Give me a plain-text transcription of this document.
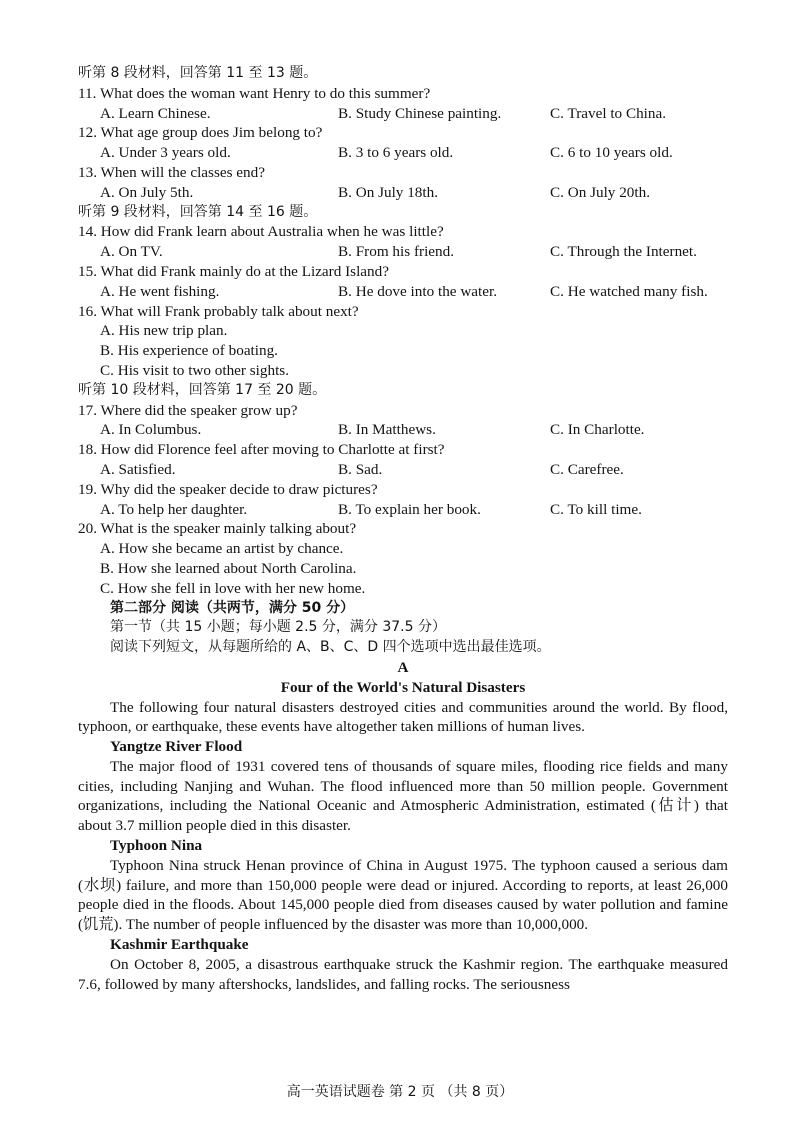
听第 8 段材料，回答第 11 至 13 题。
11. What does the woman want Henry to do this summer?
A. Learn Chinese.	B. Study Chinese painting.	C. Travel to China.
12. What age group does Jim belong to?
A. Under 3 years old.	B. 3 to 6 years old.	C. 6 to 10 years old.
13. When will the classes end?
A. On July 5th.	B. On July 18th.	C. On July 20th.
听第 9 段材料，回答第 14 至 16 题。
14. How did Frank learn about Australia when he was little?
A. On TV.	B. From his friend.	C. Through the Internet.
15. What did Frank mainly do at the Lizard Island?
A. He went fishing.	B. He dove into the water.	C. He watched many fish.
16. What will Frank probably talk about next?
A. His new trip plan.
B. His experience of boating.
C. His visit to two other sights.
听第 10 段材料，回答第 17 至 20 题。
17. Where did the speaker grow up?
A. In Columbus.	B. In Matthews.	C. In Charlotte.
18. How did Florence feel after moving to Charlotte at first?
A. Satisfied.	B. Sad.	C. Carefree.
19. Why did the speaker decide to draw pictures?
A. To help her daughter.	B. To explain her book.	C. To kill time.
20. What is the speaker mainly talking about?
A. How she became an artist by chance.
B. How she learned about North Carolina.
C. How she fell in love with her new home.
第二部分 阅读（共两节，满分 50 分）
第一节（共 15 小题；每小题 2.5 分，满分 37.5 分）
阅读下列短文，从每题所给的 A、B、C、D 四个选项中选出最佳选项。
A
Four of the World's Natural Disasters

The following four natural disasters destroyed cities and communities around the world. By flood, typhoon, or earthquake, these events have altogether taken millions of human lives.

Yangtze River Flood

The major flood of 1931 covered tens of thousands of square miles, flooding rice fields and many cities, including Nanjing and Wuhan. The flood influenced more than 50 million people. Government organizations, including the National Oceanic and Atmospheric Administration, estimated (估计) that about 3.7 million people died in this disaster.

Typhoon Nina

Typhoon Nina struck Henan province of China in August 1975. The typhoon caused a serious dam (水坝) failure, and more than 150,000 people were dead or injured. According to reports, at least 26,000 people died in the floods. About 145,000 people died from diseases caused by water pollution and famine (饥荒). The number of people influenced by the disaster was more than 10,000,000.

Kashmir Earthquake

On October 8, 2005, a disastrous earthquake struck the Kashmir region. The earthquake measured 7.6, followed by many aftershocks, landslides, and falling rocks. The seriousness

高一英语试题卷 第 2 页 （共 8 页）
